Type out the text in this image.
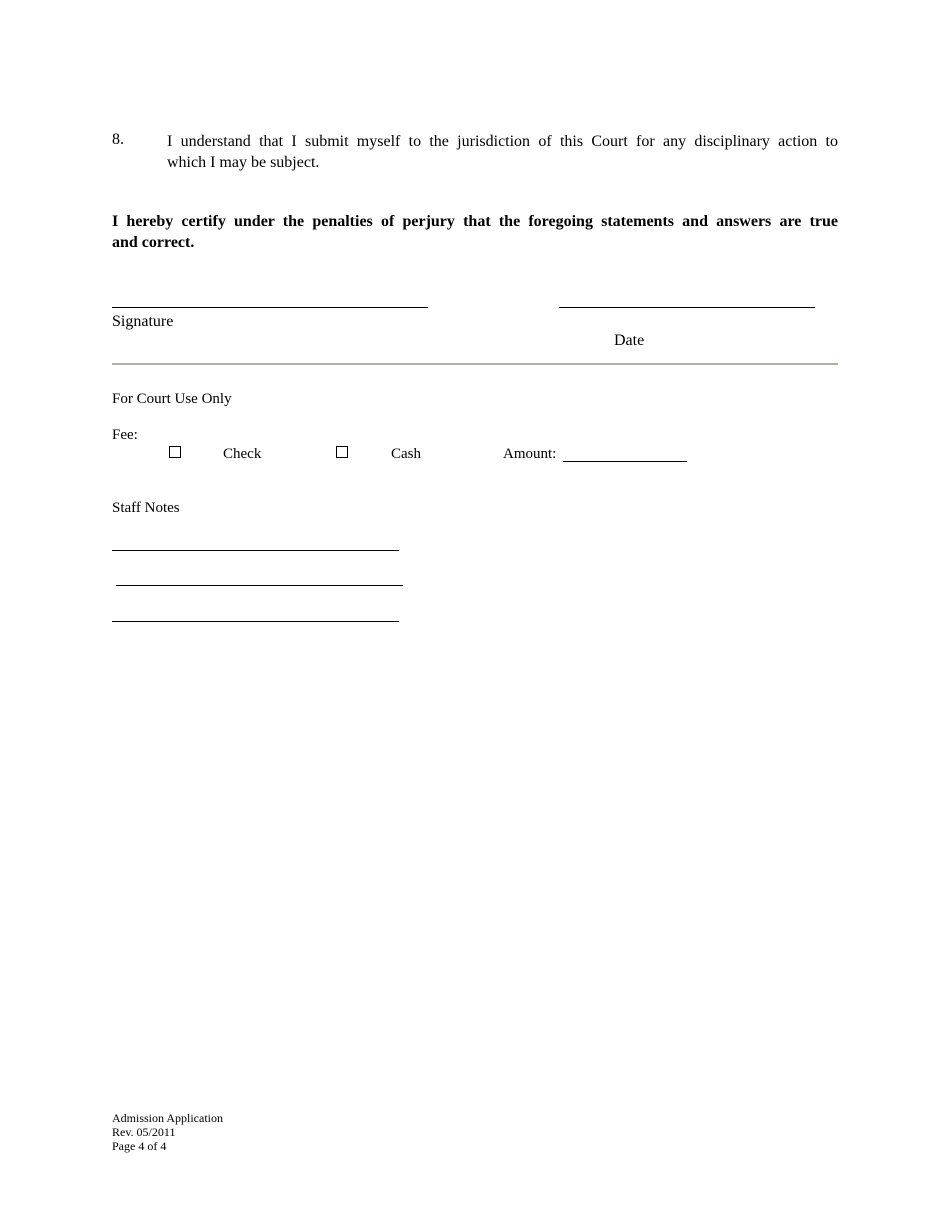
8.	I understand that I submit myself to the jurisdiction of this Court for any disciplinary action to
which I may be subject.
I hereby certify under the penalties of perjury that the foregoing statements and answers are true
and correct.
Signature
Date
For Court Use Only
Fee:
Check	Cash	Amount:
Staff Notes
Admission Application
Rev. 05/2011
Page 4 of 4
